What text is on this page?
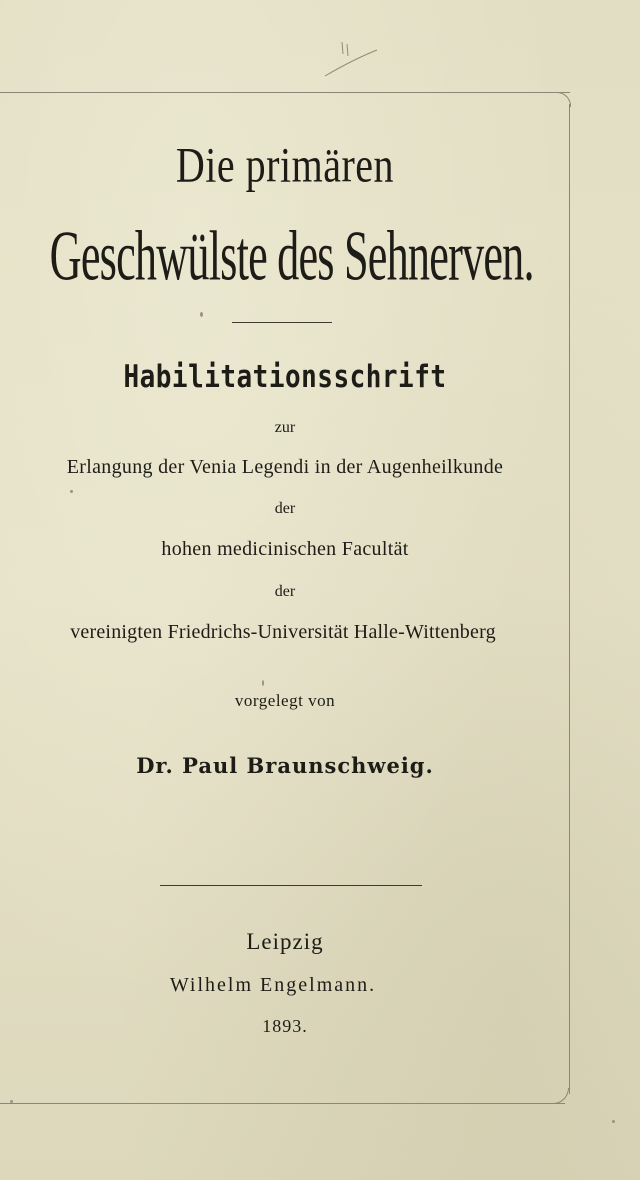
Die primären
Geschwülste des Sehnerven.
Habilitationsschrift
zur
Erlangung der Venia Legendi in der Augenheilkunde
der
hohen medicinischen Facultät
der
vereinigten Friedrichs-Universität Halle-Wittenberg
vorgelegt von
Dr. Paul Braunschweig.
Leipzig
Wilhelm Engelmann.
1893.
